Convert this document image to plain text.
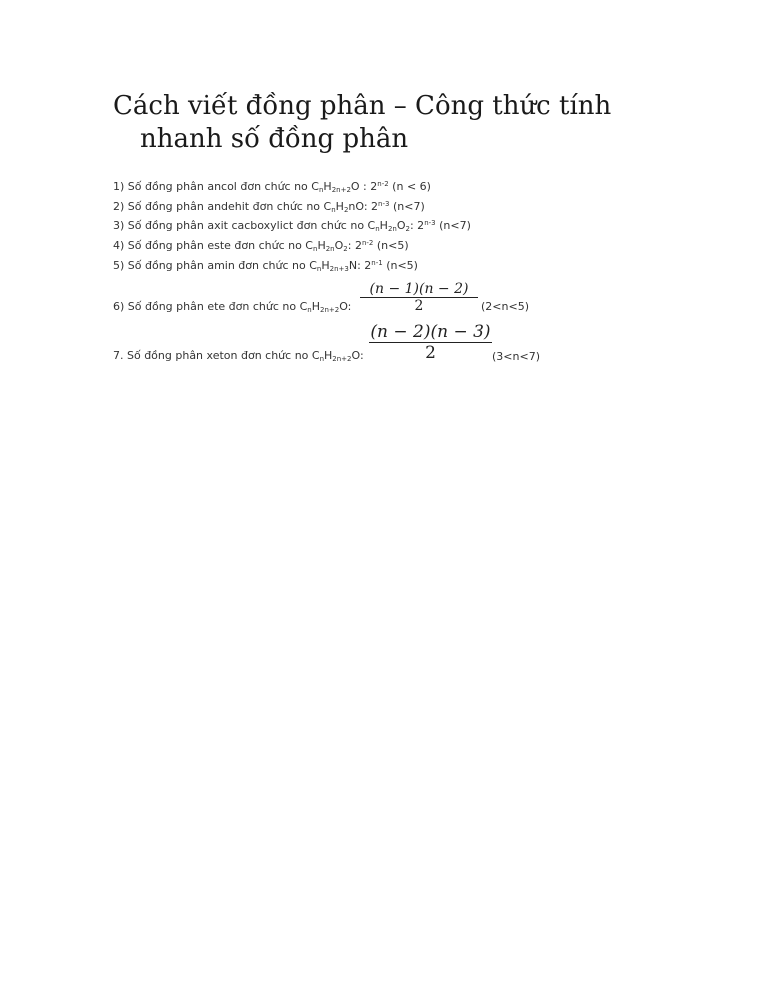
Cách viết đồng phân – Công thức tính
nhanh số đồng phân
1) Số đồng phân ancol đơn chức no $C_nH_{2n+2}O$ : 2$^{n-2}$ (n < 6)
2) Số đồng phân andehit đơn chức no $C_nH_2nO$: 2$^{n-3}$ (n<7)
3) Số đồng phân axit cacboxylict đơn chức no $C_nH_{2n}O_2$: 2$^{n-3}$ (n<7)
4) Số đồng phân este đơn chức no $C_nH_{2n}O_2$: 2$^{n-2}$ (n<5)
5) Số đồng phân amin đơn chức no $C_nH_{2n+3}N$: 2$^{n-1}$ (n<5)
6) Số đồng phân ete đơn chức no $C_nH_{2n+2}O$:
(n − 1)(n − 2)
2	(2<n<5)
7. Số đồng phân xeton đơn chức no $C_nH_{2n+2}O$:
(n − 2)(n − 3)
2	(3<n<7)
